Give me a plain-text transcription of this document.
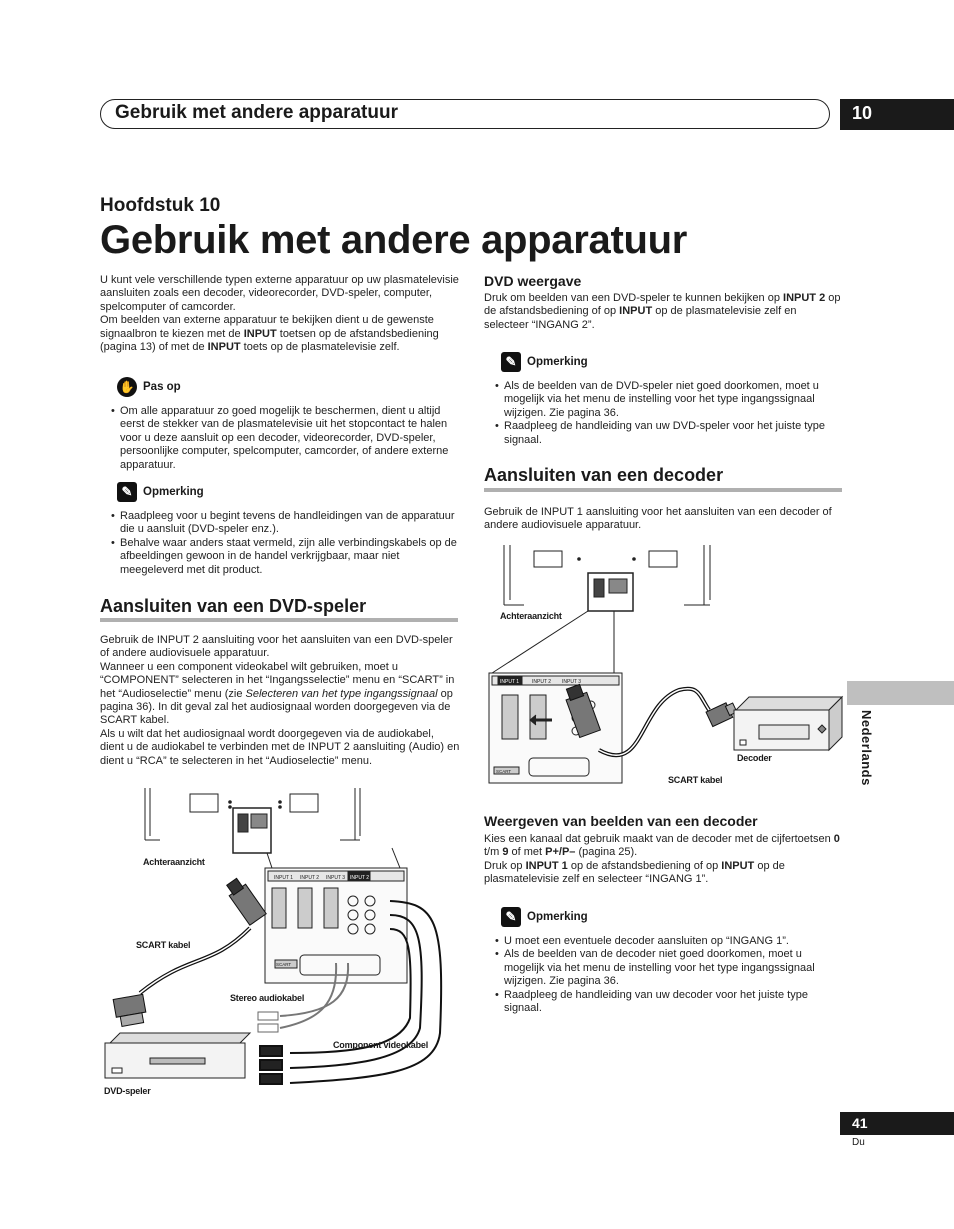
Gebruik met andere apparatuur	10
Hoofdstuk 10
Gebruik met andere apparatuur

U kunt vele verschillende typen externe apparatuur op uw plasmatelevisie aansluiten zoals een decoder, videorecorder, DVD-speler, computer, spelcomputer of camcorder.

Om beelden van externe apparatuur te bekijken dient u de gewenste signaalbron te kiezen met de INPUT toetsen op de afstandsbediening (pagina 13) of met de INPUT toets op de plasmatelevisie zelf.

✋ Pas op
• Om alle apparatuur zo goed mogelijk te beschermen, dient u altijd eerst de stekker van de plasmatelevisie uit het stopcontact te halen voor u deze aansluit op een decoder, videorecorder, DVD-speler, persoonlijke computer, spelcomputer, camcorder, of andere externe apparatuur.
✎ Opmerking
• Raadpleeg voor u begint tevens de handleidingen van de apparatuur die u aansluit (DVD-speler enz.).
• Behalve waar anders staat vermeld, zijn alle verbindingskabels op de afbeeldingen gewoon in de handel verkrijgbaar, maar niet meegeleverd met dit product.
Aansluiten van een DVD-speler

Gebruik de INPUT 2 aansluiting voor het aansluiten van een DVD-speler of andere audiovisuele apparatuur.

Wanneer u een component videokabel wilt gebruiken, moet u “COMPONENT” selecteren in het “Ingangsselectie” menu en “SCART” in het “Audioselectie” menu (zie Selecteren van het type ingangssignaal op pagina 36). In dit geval zal het audiosignaal worden doorgegeven via de SCART kabel.

Als u wilt dat het audiosignaal wordt doorgegeven via de audiokabel, dient u de audiokabel te verbinden met de INPUT 2 aansluiting (Audio) en dient u “RCA” te selecteren in het “Audioselectie” menu.

INPUT 1 INPUT 2 INPUT 3 INPUT 2
SCART
Achteraanzicht
SCART kabel
Stereo audiokabel
Component videokabel
DVD-speler
DVD weergave

Druk om beelden van een DVD-speler te kunnen bekijken op INPUT 2 op de afstandsbediening of op INPUT op de plasmatelevisie zelf en selecteer “INGANG 2”.

✎ Opmerking
• Als de beelden van de DVD-speler niet goed doorkomen, moet u mogelijk via het menu de instelling voor het type ingangssignaal wijzigen. Zie pagina 36.
• Raadpleeg de handleiding van uw DVD-speler voor het juiste type signaal.
Aansluiten van een decoder

Gebruik de INPUT 1 aansluiting voor het aansluiten van een decoder of andere audiovisuele apparatuur.

INPUT 1	INPUT 2 INPUT 3
SCART
Achteraanzicht
SCART kabel
Decoder
Weergeven van beelden van een decoder

Kies een kanaal dat gebruik maakt van de decoder met de cijfertoetsen 0 t/m 9 of met P+/P– (pagina 25).

Druk op INPUT 1 op de afstandsbediening of op INPUT op de plasmatelevisie zelf en selecteer “INGANG 1”.

✎ Opmerking
• U moet een eventuele decoder aansluiten op “INGANG 1”.
• Als de beelden van de decoder niet goed doorkomen, moet u mogelijk via het menu de instelling voor het type ingangssignaal wijzigen. Zie pagina 36.
• Raadpleeg de handleiding van uw decoder voor het juiste type signaal.
Nederlands
41
Du
